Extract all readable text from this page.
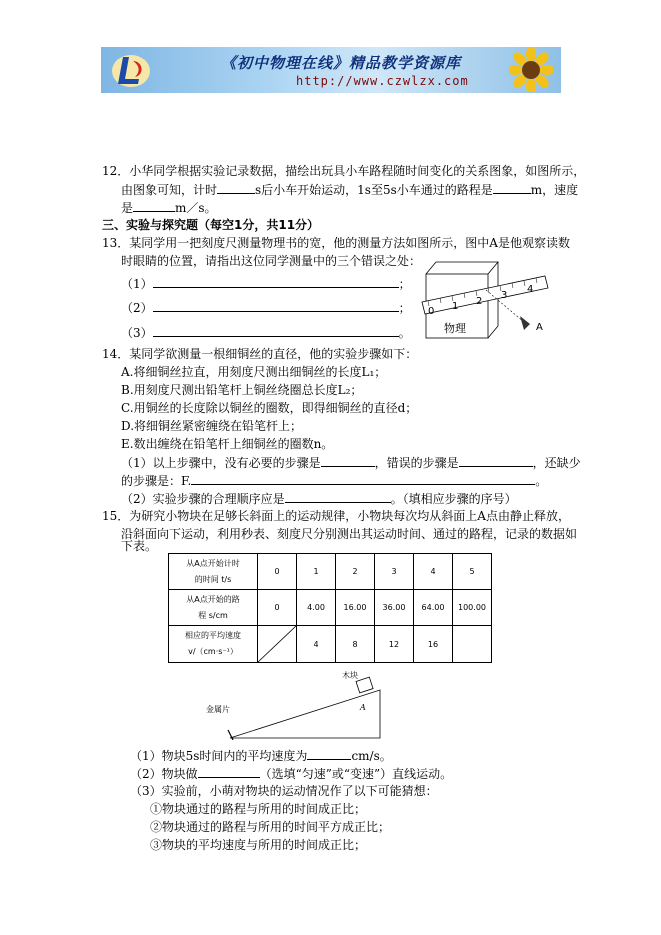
《初中物理在线》精品教学资源库
http://www.czwlzx.com
12．小华同学根据实验记录数据，描绘出玩具小车路程随时间变化的关系图象，如图所示，
由图象可知，计时	s后小车开始运动，1s至5s小车通过的路程是	m，速度
是	m／s。
三、实验与探究题（每空1分，共11分）
13．某同学用一把刻度尺测量物理书的宽，他的测量方法如图所示，图中A是他观察读数
时眼睛的位置，请指出这位同学测量中的三个错误之处：
（1）	；
（2）	；
（3）	。
0 1 2
3
4
物理	A
14．某同学欲测量一根细铜丝的直径，他的实验步骤如下：
A.将细铜丝拉直，用刻度尺测出细铜丝的长度L₁；
B.用刻度尺测出铅笔杆上铜丝绕圈总长度L₂；
C.用铜丝的长度除以铜丝的圈数，即得细铜丝的直径d；
D.将细铜丝紧密缠绕在铅笔杆上；
E.数出缠绕在铅笔杆上细铜丝的圈数n。
（1）以上步骤中，没有必要的步骤是	，错误的步骤是	，还缺少
的步骤是：F.	。
（2）实验步骤的合理顺序应是	。（填相应步骤的序号）
15．为研究小物块在足够长斜面上的运动规律，小物块每次均从斜面上A点由静止释放，
沿斜面向下运动，利用秒表、刻度尺分别测出其运动时间、通过的路程，记录的数据如
下表。
从A点开始计时
的时间 t/s	0	1	2	3	4	5

从A点开始的路
程 s/cm	0	4.00	16.00	36.00	64.00	100.00

相应的平均速度
v/（cm·s⁻¹）		4	8	12	16	
木块
A
金属片
（1）物块5s时间内的平均速度为	cm/s。
（2）物块做	（选填“匀速”或“变速”）直线运动。
（3）实验前，小萌对物块的运动情况作了以下可能猜想：
①物块通过的路程与所用的时间成正比；
②物块通过的路程与所用的时间平方成正比；
③物块的平均速度与所用的时间成正比；
